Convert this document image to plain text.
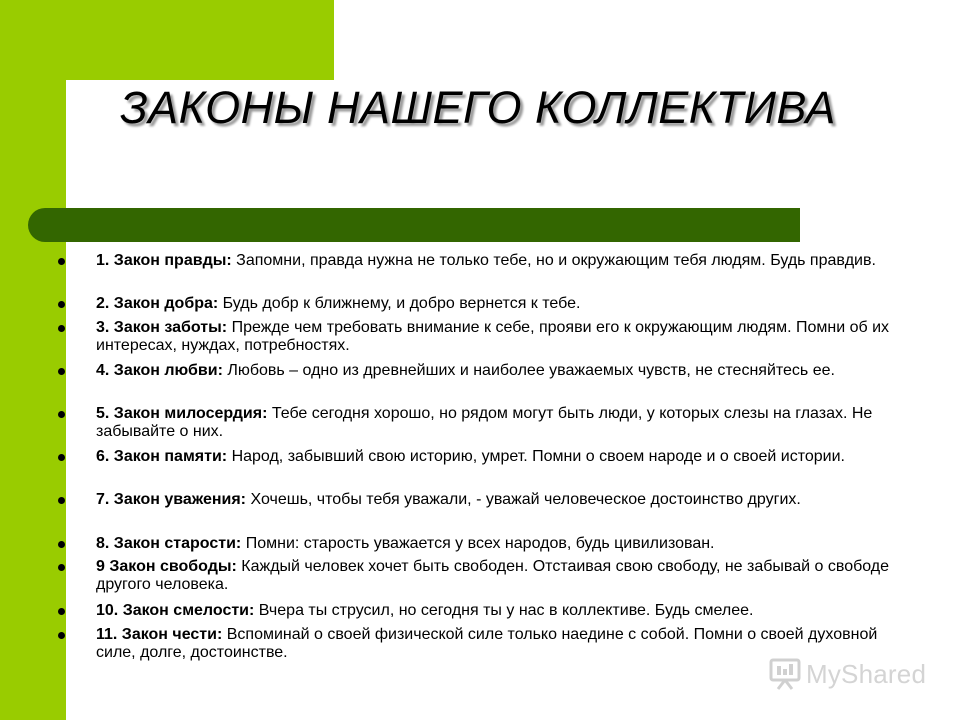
ЗАКОНЫ НАШЕГО КОЛЛЕКТИВА
1. Закон правды: Запомни, правда нужна не только тебе, но и окружающим тебя людям. Будь правдив.
2. Закон добра: Будь добр к ближнему, и добро вернется к тебе.
3. Закон заботы: Прежде чем требовать внимание к себе, прояви его к окружающим людям. Помни об их интересах, нуждах, потребностях.
4. Закон любви: Любовь – одно из древнейших и наиболее уважаемых чувств, не стесняйтесь ее.
5. Закон милосердия: Тебе сегодня хорошо, но рядом могут быть люди, у которых слезы на глазах. Не забывайте о них.
6. Закон памяти: Народ, забывший свою историю, умрет. Помни о своем народе и о своей истории.
7. Закон уважения: Хочешь, чтобы тебя уважали, - уважай человеческое достоинство других.
8. Закон старости: Помни: старость уважается у всех народов, будь цивилизован.
9 Закон свободы: Каждый человек хочет быть свободен. Отстаивая свою свободу, не забывай о свободе другого человека.
10. Закон смелости: Вчера ты струсил, но сегодня ты у нас в коллективе. Будь смелее.
11. Закон чести: Вспоминай о своей физической силе только наедине с собой. Помни о своей духовной силе, долге, достоинстве.
MyShared
